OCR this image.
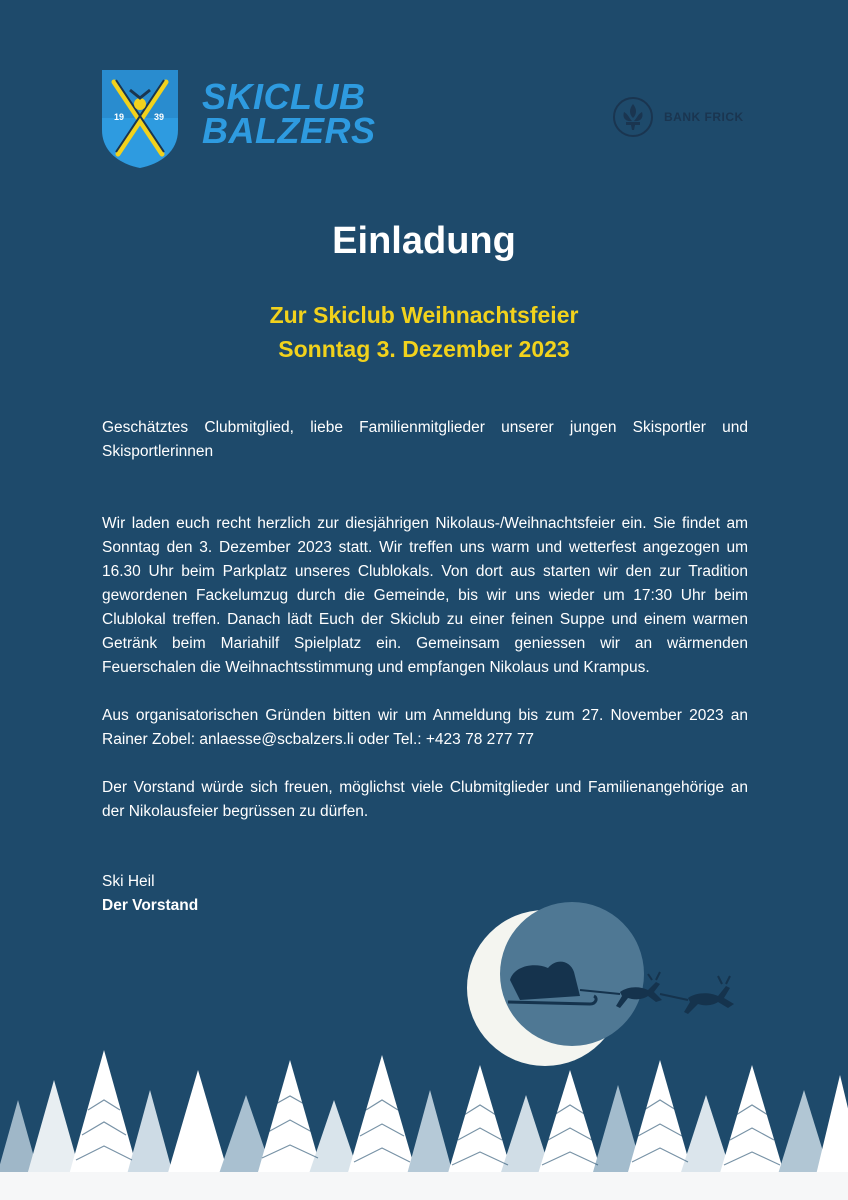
19	39 SKICLUB
BALZERS	BANK FRICK
Einladung
Zur Skiclub Weihnachtsfeier
Sonntag 3. Dezember 2023

Geschätztes Clubmitglied, liebe Familienmitglieder unserer jungen Skisportler und Skisportlerinnen

Wir laden euch recht herzlich zur diesjährigen Nikolaus-/Weihnachtsfeier ein. Sie findet am Sonntag den 3. Dezember 2023 statt. Wir treffen uns warm und wetterfest angezogen um 16.30 Uhr beim Parkplatz unseres Clublokals. Von dort aus starten wir den zur Tradition gewordenen Fackelumzug durch die Gemeinde, bis wir uns wieder um 17:30 Uhr beim Clublokal treffen. Danach lädt Euch der Skiclub zu einer feinen Suppe und einem warmen Getränk beim Mariahilf Spielplatz ein. Gemeinsam geniessen wir an wärmenden Feuerschalen die Weihnachtsstimmung und empfangen Nikolaus und Krampus.

Aus organisatorischen Gründen bitten wir um Anmeldung bis zum 27. November 2023 an Rainer Zobel: anlaesse@scbalzers.li oder Tel.: +423 78 277 77

Der Vorstand würde sich freuen, möglichst viele Clubmitglieder und Familienangehörige an der Nikolausfeier begrüssen zu dürfen.

Ski Heil
Der Vorstand
